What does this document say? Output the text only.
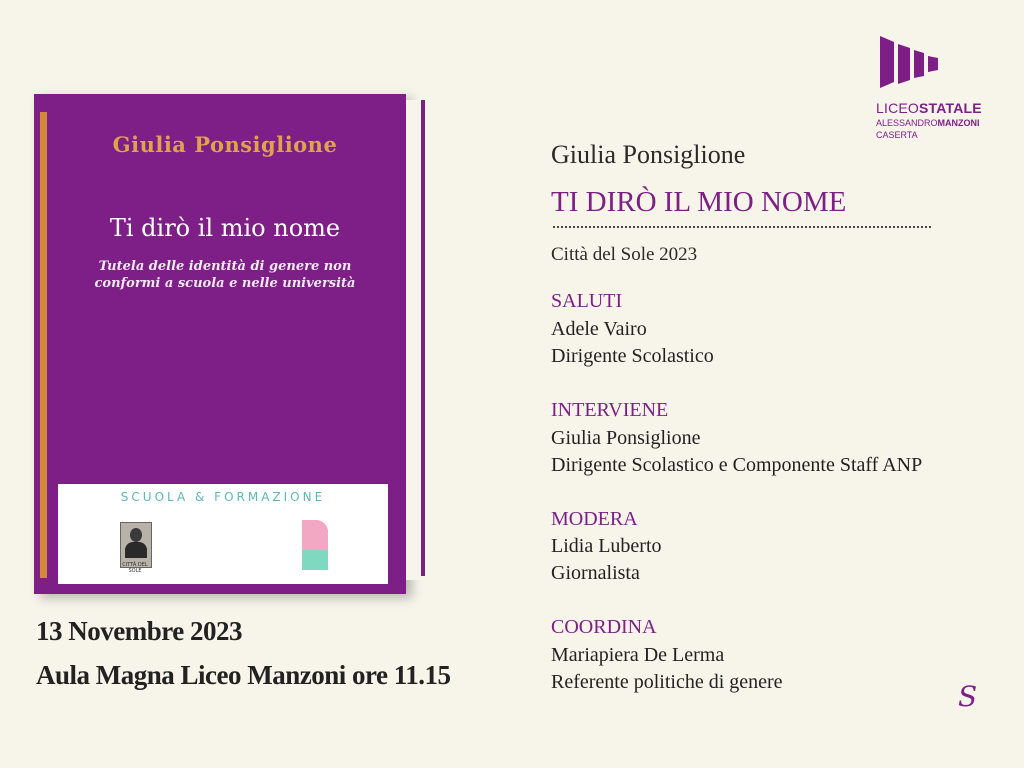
Giulia Ponsiglione
Ti dirò il mio nome
Tutela delle identità di genere non
conformi a scuola e nelle università
SCUOLA & FORMAZIONE
CITTÀ DEL SOLE
13 Novembre 2023
Aula Magna Liceo Manzoni ore 11.15
LICEOSTATALE
ALESSANDROMANZONI
CASERTA
Giulia Ponsiglione
TI DIRÒ IL MIO NOME
Città del Sole 2023
SALUTI
Adele Vairo
Dirigente Scolastico
INTERVIENE
Giulia Ponsiglione
Dirigente Scolastico e Componente Staff ANP
MODERA
Lidia Luberto
Giornalista
COORDINA
Mariapiera De Lerma
Referente politiche di genere	S
